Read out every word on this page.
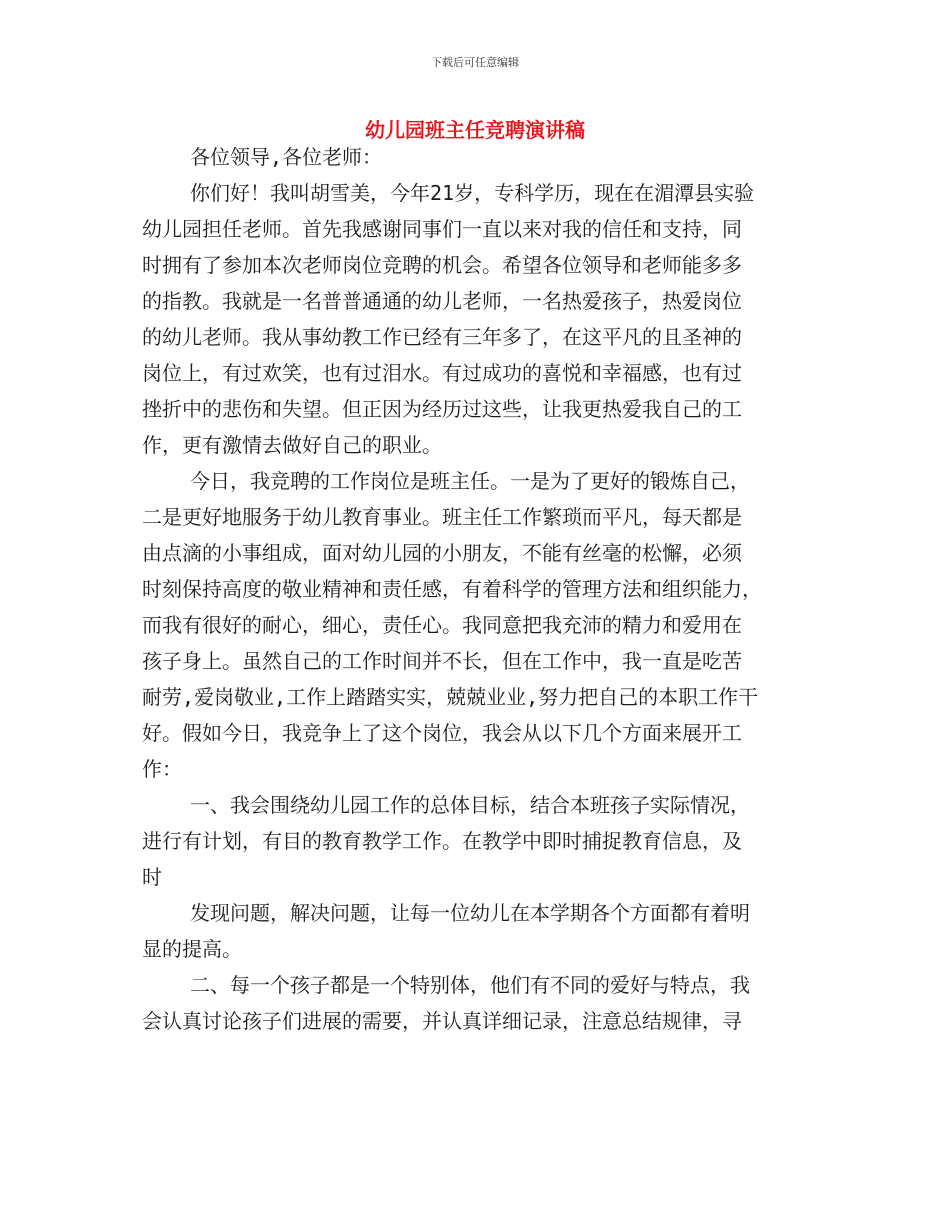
下载后可任意编辑
幼儿园班主任竞聘演讲稿
各位领导,各位老师：
你们好！我叫胡雪美，今年21岁，专科学历，现在在湄潭县实验
幼儿园担任老师。首先我感谢同事们一直以来对我的信任和支持，同
时拥有了参加本次老师岗位竞聘的机会。希望各位领导和老师能多多
的指教。我就是一名普普通通的幼儿老师，一名热爱孩子，热爱岗位
的幼儿老师。我从事幼教工作已经有三年多了，在这平凡的且圣神的
岗位上，有过欢笑，也有过泪水。有过成功的喜悦和幸福感，也有过
挫折中的悲伤和失望。但正因为经历过这些，让我更热爱我自己的工
作，更有激情去做好自己的职业。
今日，我竞聘的工作岗位是班主任。一是为了更好的锻炼自己，
二是更好地服务于幼儿教育事业。班主任工作繁琐而平凡，每天都是
由点滴的小事组成，面对幼儿园的小朋友，不能有丝毫的松懈，必须
时刻保持高度的敬业精神和责任感，有着科学的管理方法和组织能力，
而我有很好的耐心，细心，责任心。我同意把我充沛的精力和爱用在
孩子身上。虽然自己的工作时间并不长，但在工作中，我一直是吃苦
耐劳,爱岗敬业,工作上踏踏实实，兢兢业业,努力把自己的本职工作干
好。假如今日，我竞争上了这个岗位，我会从以下几个方面来展开工
作：
一、我会围绕幼儿园工作的总体目标，结合本班孩子实际情况，
进行有计划，有目的教育教学工作。在教学中即时捕捉教育信息，及
时
发现问题，解决问题，让每一位幼儿在本学期各个方面都有着明
显的提高。
二、每一个孩子都是一个特别体，他们有不同的爱好与特点，我
会认真讨论孩子们进展的需要，并认真详细记录，注意总结规律，寻
